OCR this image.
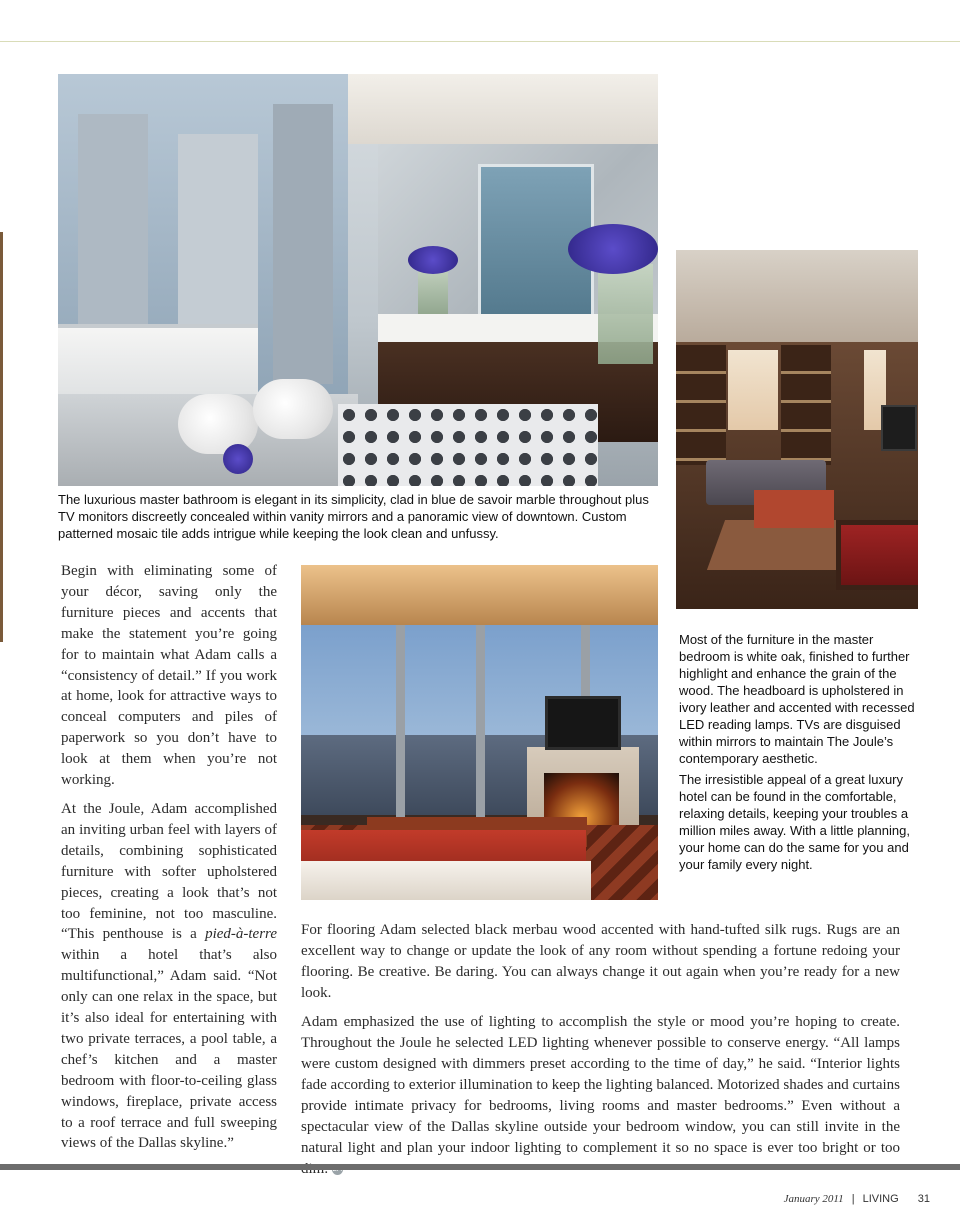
The luxurious master bathroom is elegant in its simplicity, clad in blue de savoir marble throughout plus TV monitors discreetly concealed within vanity mirrors and a panoramic view of downtown. Custom patterned mosaic tile adds intrigue while keeping the look clean and unfussy.

Most of the furniture in the master bedroom is white oak, finished to further highlight and enhance the grain of the wood. The headboard is upholstered in ivory leather and accented with recessed LED reading lamps. TVs are disguised within mirrors to maintain The Joule’s contemporary aesthetic.

The irresistible appeal of a great luxury hotel can be found in the comfortable, relaxing details, keeping your troubles a million miles away. With a little planning, your home can do the same for you and your family every night.

Begin with eliminating some of your décor, saving only the furniture pieces and accents that make the statement you’re going for to maintain what Adam calls a “consistency of detail.” If you work at home, look for attractive ways to conceal computers and piles of paperwork so you don’t have to look at them when you’re not working.

At the Joule, Adam accomplished an inviting urban feel with layers of details, combining sophisticated furniture with softer upholstered pieces, creating a look that’s not too feminine, not too masculine. “This penthouse is a pied-à-terre within a hotel that’s also multifunctional,” Adam said. “Not only can one relax in the space, but it’s also ideal for entertaining with two private terraces, a pool table, a chef’s kitchen and a master bedroom with floor-to-ceiling glass windows, fireplace, private access to a roof terrace and full sweeping views of the Dallas skyline.”

For flooring Adam selected black merbau wood accented with hand-tufted silk rugs. Rugs are an excellent way to change or update the look of any room without spending a fortune redoing your flooring. Be creative. Be daring. You can always change it out again when you’re ready for a new look.

Adam emphasized the use of lighting to accomplish the style or mood you’re hoping to create. Throughout the Joule he selected LED lighting whenever possible to conserve energy. “All lamps were custom designed with dimmers preset according to the time of day,” he said. “Interior lights fade according to exterior illumination to keep the lighting balanced. Motorized shades and curtains provide intimate privacy for bedrooms, living rooms and master bedrooms.” Even without a spectacular view of the Dallas skyline outside your bedroom window, you can still invite in the natural light and plan your indoor lighting to complement it so no space is ever too bright or too

January 2011 | LIVING 31
